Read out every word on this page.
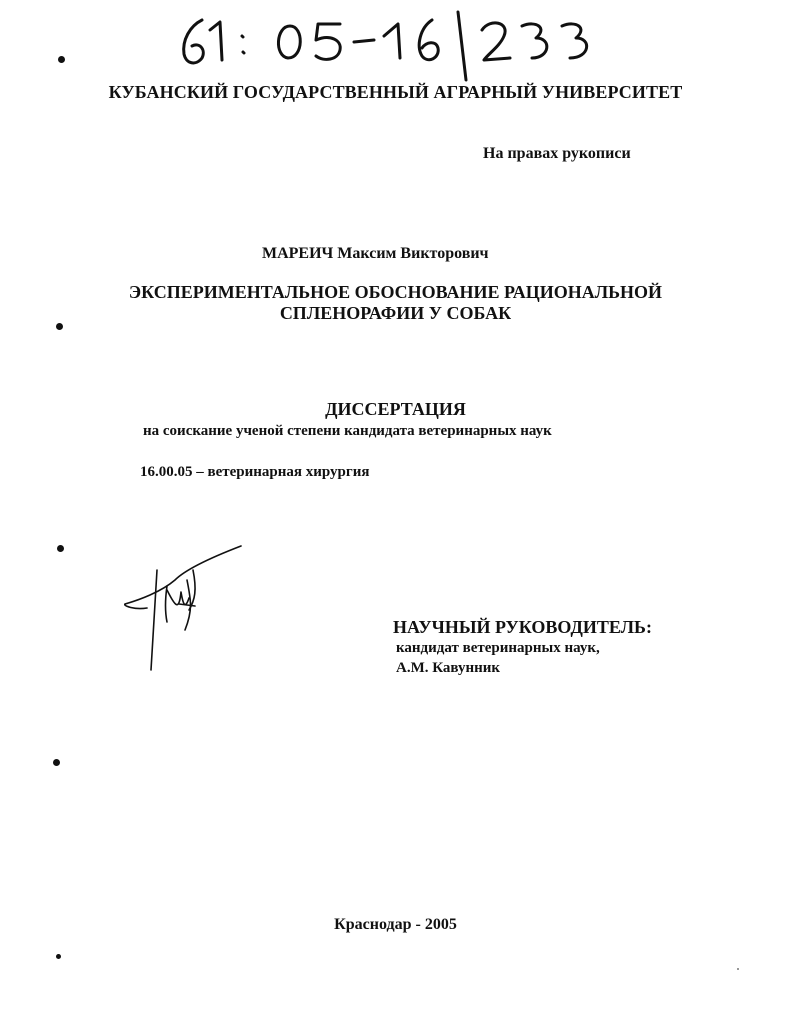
КУБАНСКИЙ ГОСУДАРСТВЕННЫЙ АГРАРНЫЙ УНИВЕРСИТЕТ
На правах рукописи
МАРЕИЧ Максим Викторович
ЭКСПЕРИМЕНТАЛЬНОЕ ОБОСНОВАНИЕ РАЦИОНАЛЬНОЙ
СПЛЕНОРАФИИ У СОБАК
ДИССЕРТАЦИЯ
на соискание ученой степени кандидата ветеринарных наук
16.00.05 – ветеринарная хирургия
НАУЧНЫЙ РУКОВОДИТЕЛЬ:
кандидат ветеринарных наук,
А.М. Кавунник
Краснодар - 2005
